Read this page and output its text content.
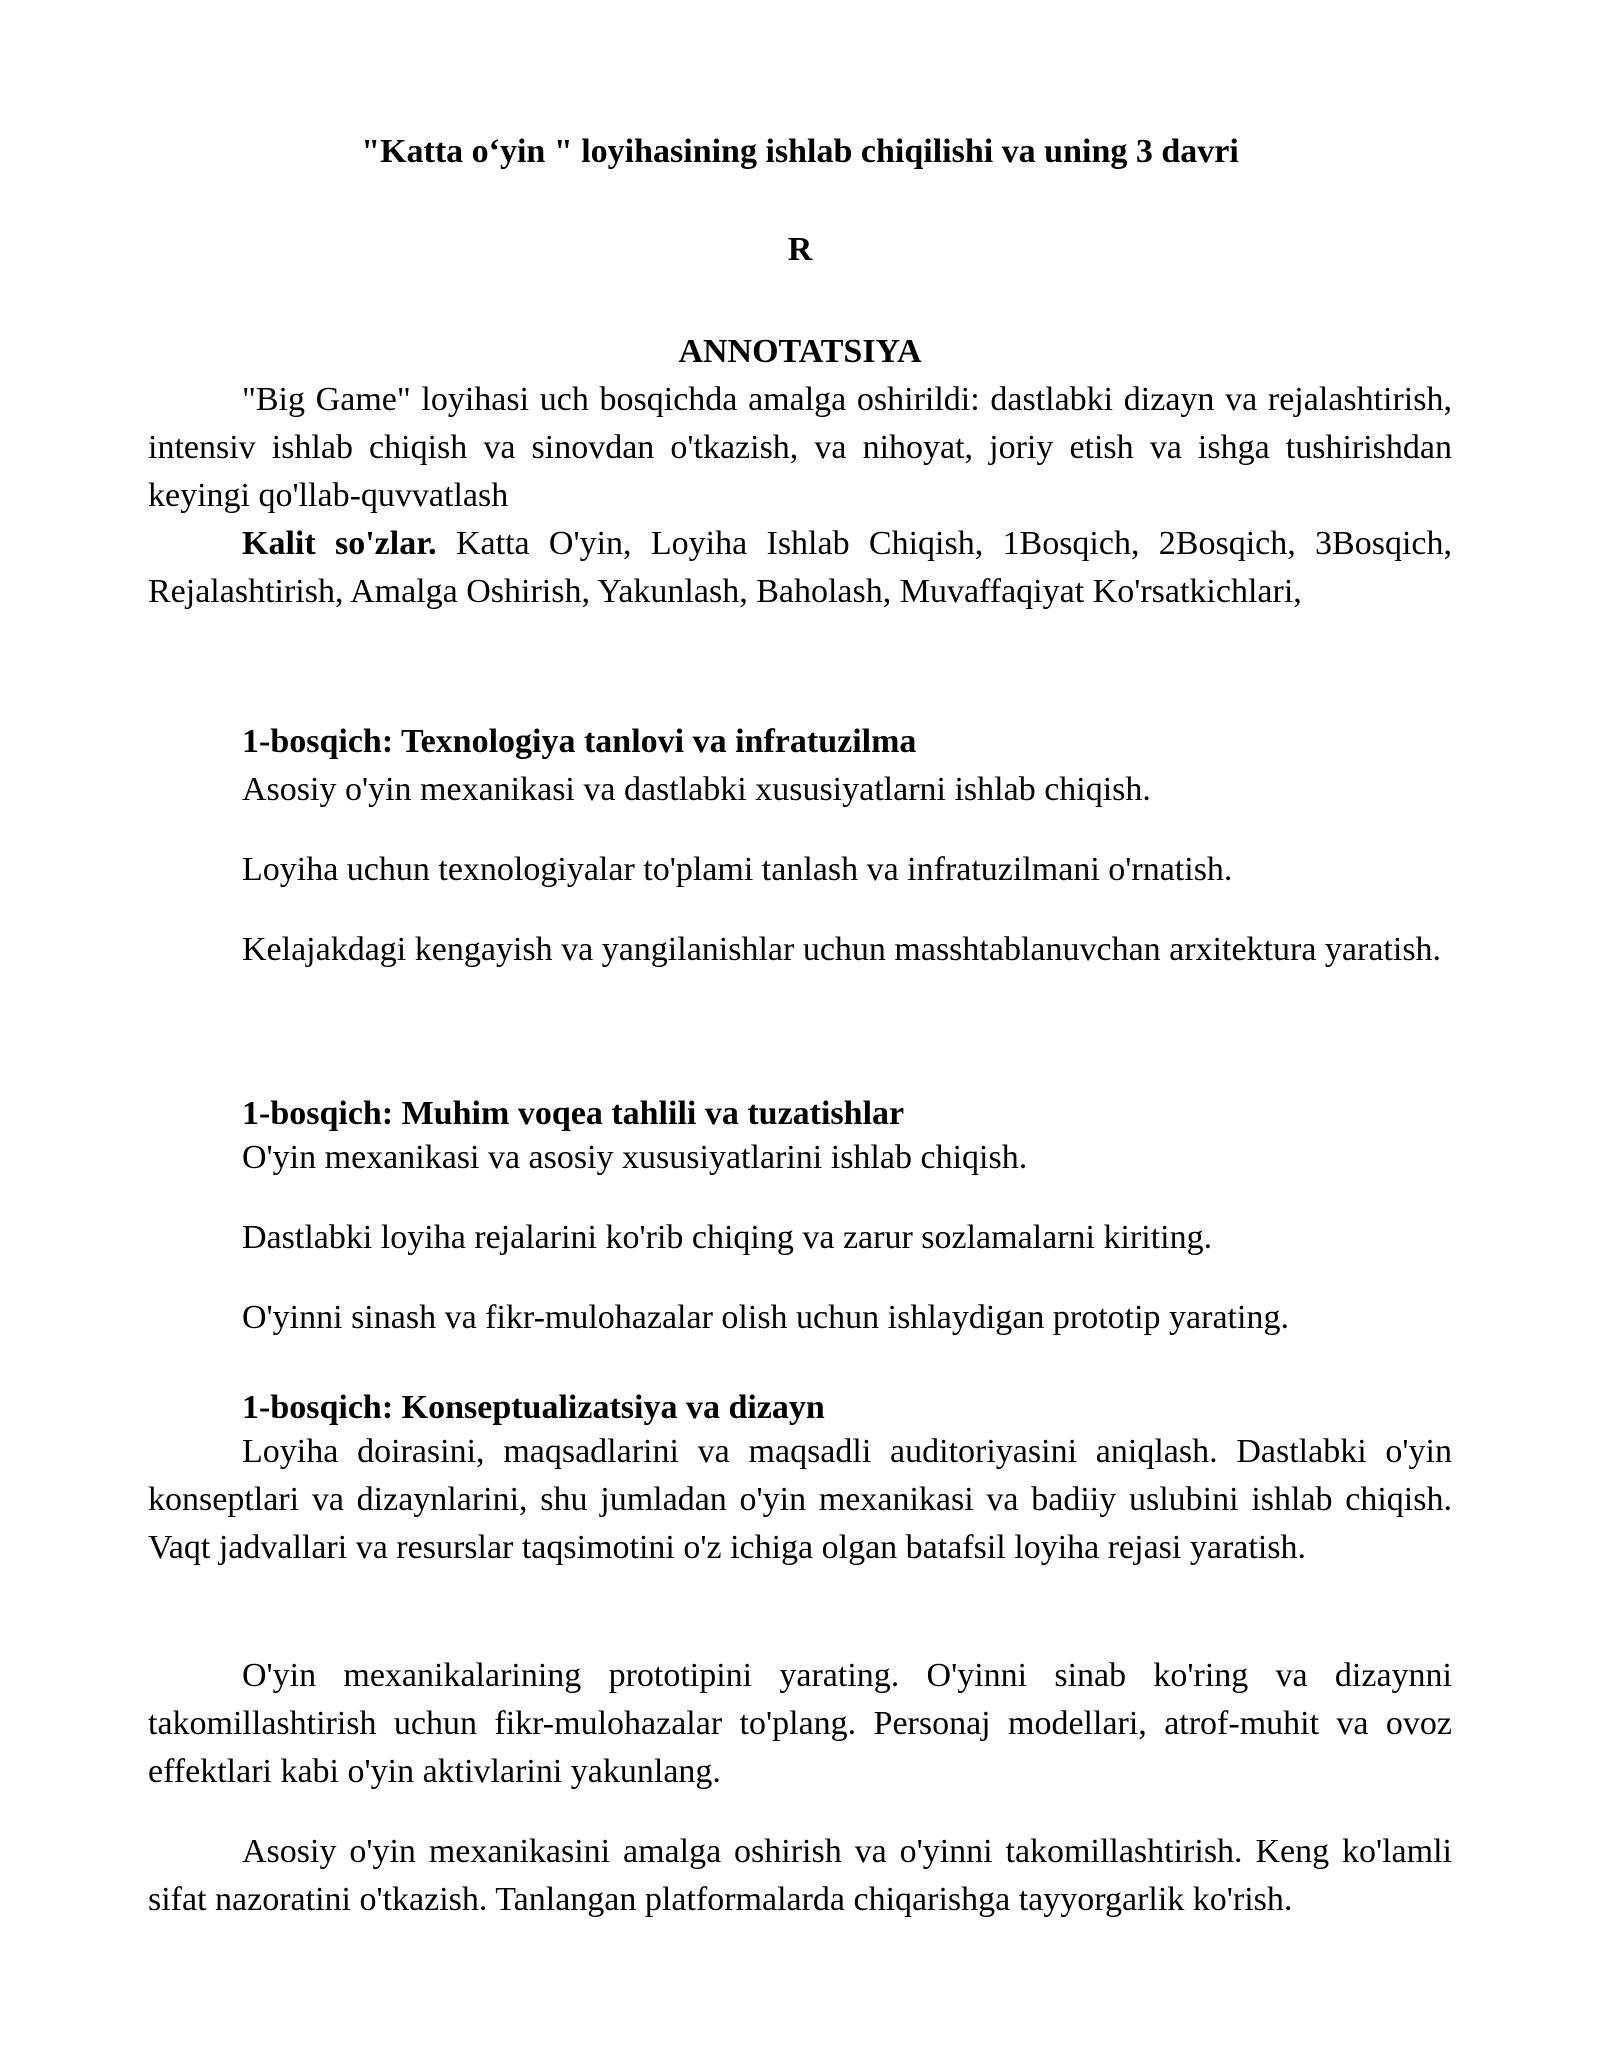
"Katta o‘yin " loyihasining ishlab chiqilishi va uning 3 davri
R
ANNOTATSIYA

"Big Game" loyihasi uch bosqichda amalga oshirildi: dastlabki dizayn va rejalashtirish, intensiv ishlab chiqish va sinovdan o'tkazish, va nihoyat, joriy etish va ishga tushirishdan keyingi qo'llab-quvvatlash

Kalit so'zlar. Katta O'yin, Loyiha Ishlab Chiqish, 1Bosqich, 2Bosqich, 3Bosqich, Rejalashtirish, Amalga Oshirish, Yakunlash, Baholash, Muvaffaqiyat Ko'rsatkichlari,

1-bosqich: Texnologiya tanlovi va infratuzilma

Asosiy o'yin mexanikasi va dastlabki xususiyatlarni ishlab chiqish.

Loyiha uchun texnologiyalar to'plami tanlash va infratuzilmani o'rnatish.

Kelajakdagi kengayish va yangilanishlar uchun masshtablanuvchan arxitektura yaratish.

1-bosqich: Muhim voqea tahlili va tuzatishlar

O'yin mexanikasi va asosiy xususiyatlarini ishlab chiqish.

Dastlabki loyiha rejalarini ko'rib chiqing va zarur sozlamalarni kiriting.

O'yinni sinash va fikr-mulohazalar olish uchun ishlaydigan prototip yarating.

1-bosqich: Konseptualizatsiya va dizayn

Loyiha doirasini, maqsadlarini va maqsadli auditoriyasini aniqlash. Dastlabki o'yin konseptlari va dizaynlarini, shu jumladan o'yin mexanikasi va badiiy uslubini ishlab chiqish. Vaqt jadvallari va resurslar taqsimotini o'z ichiga olgan batafsil loyiha rejasi yaratish.

O'yin mexanikalarining prototipini yarating. O'yinni sinab ko'ring va dizaynni takomillashtirish uchun fikr-mulohazalar to'plang. Personaj modellari, atrof-muhit va ovoz effektlari kabi o'yin aktivlarini yakunlang.

Asosiy o'yin mexanikasini amalga oshirish va o'yinni takomillashtirish. Keng ko'lamli sifat nazoratini o'tkazish. Tanlangan platformalarda chiqarishga tayyorgarlik ko'rish.
